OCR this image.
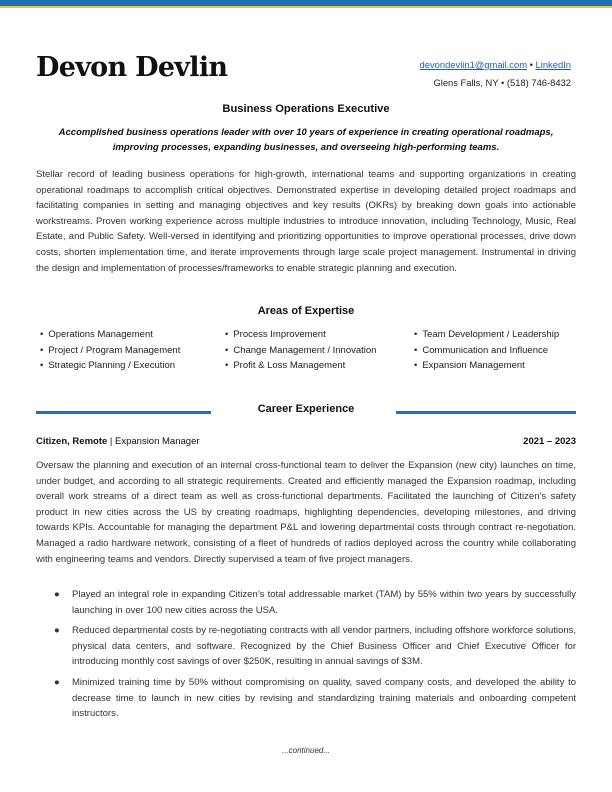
Devon Devlin	devondevlin1@gmail.com • LinkedIn
Glens Falls, NY • (518) 746-8432
Business Operations Executive
Accomplished business operations leader with over 10 years of experience in creating operational roadmaps, improving processes, expanding businesses, and overseeing high-performing teams.
Stellar record of leading business operations for high-growth, international teams and supporting organizations in creating operational roadmaps to accomplish critical objectives. Demonstrated expertise in developing detailed project roadmaps and facilitating companies in setting and managing objectives and key results (OKRs) by breaking down goals into actionable workstreams. Proven working experience across multiple industries to introduce innovation, including Technology, Music, Real Estate, and Public Safety. Well-versed in identifying and prioritizing opportunities to improve operational processes, drive down costs, shorten implementation time, and iterate improvements through large scale project management. Instrumental in driving the design and implementation of processes/frameworks to enable strategic planning and execution.
Areas of Expertise
• Operations Management
• Project / Program Management
• Strategic Planning / Execution
• Process Improvement
• Change Management / Innovation
• Profit & Loss Management
• Team Development / Leadership
• Communication and Influence
• Expansion Management
Career Experience
Citizen, Remote | Expansion Manager	2021 – 2023
Oversaw the planning and execution of an internal cross-functional team to deliver the Expansion (new city) launches on time, under budget, and according to all strategic requirements. Created and efficiently managed the Expansion roadmap, including overall work streams of a direct team as well as cross-functional departments. Facilitated the launching of Citizen’s safety product in new cities across the US by creating roadmaps, highlighting dependencies, developing milestones, and driving towards KPIs. Accountable for managing the department P&L and lowering departmental costs through contract re-negotiation. Managed a radio hardware network, consisting of a fleet of hundreds of radios deployed across the country while collaborating with engineering teams and vendors. Directly supervised a team of five project managers.
● Played an integral role in expanding Citizen’s total addressable market (TAM) by 55% within two years by successfully launching in over 100 new cities across the USA.
● Reduced departmental costs by re-negotiating contracts with all vendor partners, including offshore workforce solutions, physical data centers, and software. Recognized by the Chief Business Officer and Chief Executive Officer for introducing monthly cost savings of over $250K, resulting in annual savings of $3M.
● Minimized training time by 50% without compromising on quality, saved company costs, and developed the ability to decrease time to launch in new cities by revising and standardizing training materials and onboarding competent instructors.
...continued...
